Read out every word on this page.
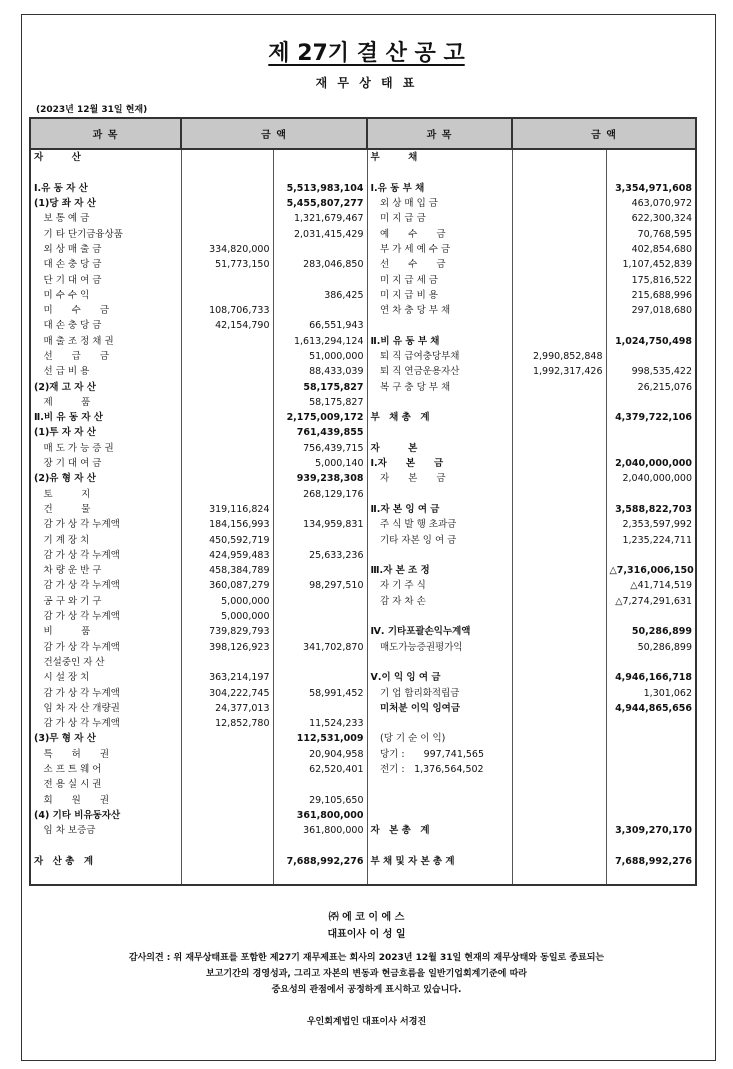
제 27기 결 산 공 고
재 무 상 태 표
(2023년 12월 31일 현재)
과 목	금 액		과 목	금 액	
자　　　산			부　　　채		

Ⅰ.유 동 자 산		5,513,983,104	Ⅰ.유 동 부 채		3,354,971,608
(1)당 좌 자 산		5,455,807,277	　외 상 매 입 금		463,070,972
　보 통 예 금		1,321,679,467	　미 지 급 금		622,300,324
　기 타 단기금융상품		2,031,415,429	　예　　수　　금		70,768,595
　외 상 매 출 금	334,820,000		　부 가 세 예 수 금		402,854,680
　대 손 충 당 금	51,773,150	283,046,850	　선　　수　　금		1,107,452,839
　단 기 대 여 금			　미 지 급 세 금		175,816,522
　미 수 수 익		386,425	　미 지 급 비 용		215,688,996
　미　　수　　금	108,706,733		　연 차 충 당 부 채		297,018,680
　대 손 충 당 금	42,154,790	66,551,943			
　매 출 조 정 채 권		1,613,294,124	Ⅱ.비 유 동 부 채		1,024,750,498
　선　　급　　금		51,000,000	　퇴 직 급여충당부채	2,990,852,848	
　선 급 비 용		88,433,039	　퇴 직 연금운용자산	1,992,317,426	998,535,422
(2)재 고 자 산		58,175,827	　복 구 충 당 부 채		26,215,076
　제　　　품		58,175,827			
Ⅱ.비 유 동 자 산		2,175,009,172	부　채 총　계		4,379,722,106
(1)투 자 자 산		761,439,855			
　매 도 가 능 증 권		756,439,715	자　　　본		
　장 기 대 여 금		5,000,140	Ⅰ.자　　본　　금		2,040,000,000
(2)유 형 자 산		939,238,308	　자　　본　　금		2,040,000,000
　토　　　지		268,129,176			
　건　　　물	319,116,824		Ⅱ.자 본 잉 여 금		3,588,822,703
　감 가 상 각 누계액	184,156,993	134,959,831	　주 식 발 행 초과금		2,353,597,992
　기 계 장 치	450,592,719		　기타 자본 잉 여 금		1,235,224,711
　감 가 상 각 누계액	424,959,483	25,633,236			
　차 량 운 반 구	458,384,789		Ⅲ.자 본 조 정		△7,316,006,150
　감 가 상 각 누계액	360,087,279	98,297,510	　자 기 주 식		△41,714,519
　공 구 와 기 구	5,000,000		　감 자 차 손		△7,274,291,631
　감 가 상 각 누계액	5,000,000				
　비　　　품	739,829,793		Ⅳ. 기타포괄손익누계액		50,286,899
　감 가 상 각 누계액	398,126,923	341,702,870	　매도가능증권평가익		50,286,899
　건설중인 자 산					
　시 설 장 치	363,214,197		Ⅴ.이 익 잉 여 금		4,946,166,718
　감 가 상 각 누계액	304,222,745	58,991,452	　기 업 합리화적립금		1,301,062
　임 차 자 산 개량권	24,377,013		　미처분 이익 잉여금		4,944,865,656
　감 가 상 각 누계액	12,852,780	11,524,233			
(3)무 형 자 산		112,531,009	　(당 기 순 이 익)		
　특　　허　　권		20,904,958	　당기 :　　997,741,565		
　소 프 트 웨 어		62,520,401	　전기 :　1,376,564,502		
　전 용 실 시 권					
　회　　원　　권		29,105,650			
(4) 기타 비유동자산		361,800,000			
　임 차 보증금		361,800,000	자　본 총　계		3,309,270,170

자　산 총　계		7,688,992,276	부 채 및 자 본 총 계		7,688,992,276

㈜ 에 코 이 에 스
대표이사 이 성 일
감사의견 : 위 재무상태표를 포함한 제27기 재무제표는 회사의 2023년 12월 31일 현재의 재무상태와 동일로 종료되는
보고기간의 경영성과, 그리고 자본의 변동과 현금흐름을 일반기업회계기준에 따라
중요성의 관점에서 공정하게 표시하고 있습니다.
우인회계법인 대표이사 서경진
